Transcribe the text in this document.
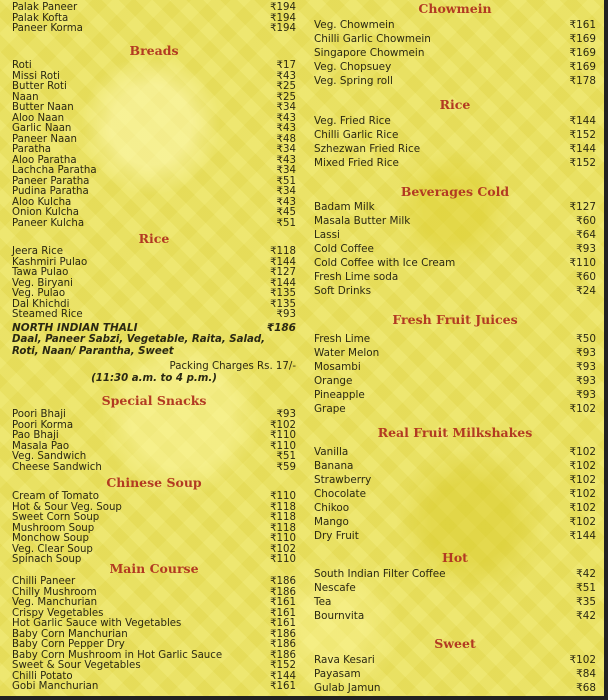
Palak Paneer	₹194
Palak Kofta	₹194
Paneer Korma	₹194
Breads
Roti	₹17
Missi Roti	₹43
Butter Roti	₹25
Naan	₹25
Butter Naan	₹34
Aloo Naan	₹43
Garlic Naan	₹43
Paneer Naan	₹48
Paratha	₹34
Aloo Paratha	₹43
Lachcha Paratha	₹34
Paneer Paratha	₹51
Pudina Paratha	₹34
Aloo Kulcha	₹43
Onion Kulcha	₹45
Paneer Kulcha	₹51
Rice
Jeera Rice	₹118
Kashmiri Pulao	₹144
Tawa Pulao	₹127
Veg. Biryani	₹144
Veg. Pulao	₹135
Dal Khichdi	₹135
Steamed Rice	₹93
NORTH INDIAN THALI	₹186
Daal, Paneer Sabzi, Vegetable, Raita, Salad, Roti, Naan/ Parantha, Sweet
Packing Charges Rs. 17/-
(11:30 a.m. to 4 p.m.)
Special Snacks
Poori Bhaji	₹93
Poori Korma	₹102
Pao Bhaji	₹110
Masala Pao	₹110
Veg. Sandwich	₹51
Cheese Sandwich	₹59
Chinese Soup
Cream of Tomato	₹110
Hot & Sour Veg. Soup	₹118
Sweet Corn Soup	₹118
Mushroom Soup	₹118
Monchow Soup	₹110
Veg. Clear Soup	₹102
Spinach Soup	₹110
Main Course
Chilli Paneer	₹186
Chilly Mushroom	₹186
Veg. Manchurian	₹161
Crispy Vegetables	₹161
Hot Garlic Sauce with Vegetables	₹161
Baby Corn Manchurian	₹186
Baby Corn Pepper Dry	₹186
Baby Corn Mushroom in Hot Garlic Sauce	₹186
Sweet & Sour Vegetables	₹152
Chilli Potato	₹144
Gobi Manchurian	₹161
Chowmein
Veg. Chowmein	₹161
Chilli Garlic Chowmein	₹169
Singapore Chowmein	₹169
Veg. Chopsuey	₹169
Veg. Spring roll	₹178
Rice
Veg. Fried Rice	₹144
Chilli Garlic Rice	₹152
Szhezwan Fried Rice	₹144
Mixed Fried Rice	₹152
Beverages Cold
Badam Milk	₹127
Masala Butter Milk	₹60
Lassi	₹64
Cold Coffee	₹93
Cold Coffee with Ice Cream	₹110
Fresh Lime soda	₹60
Soft Drinks	₹24
Fresh Fruit Juices
Fresh Lime	₹50
Water Melon	₹93
Mosambi	₹93
Orange	₹93
Pineapple	₹93
Grape	₹102
Real Fruit Milkshakes
Vanilla	₹102
Banana	₹102
Strawberry	₹102
Chocolate	₹102
Chikoo	₹102
Mango	₹102
Dry Fruit	₹144
Hot
South Indian Filter Coffee	₹42
Nescafe	₹51
Tea	₹35
Bournvita	₹42
Sweet
Rava Kesari	₹102
Payasam	₹84
Gulab Jamun	₹68
